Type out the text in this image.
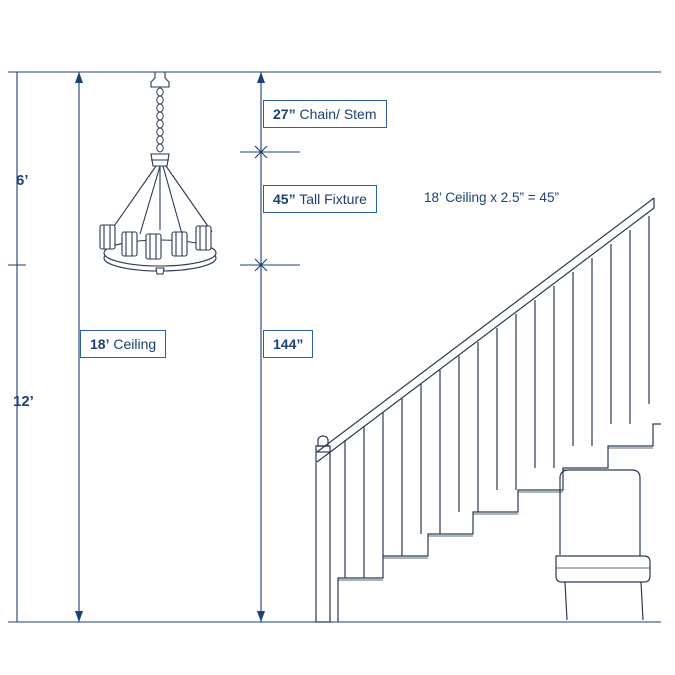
6’
12’
27” Chain/ Stem
45” Tall Fixture	18’ Ceiling x 2.5” = 45”
18’ Ceiling	144”
